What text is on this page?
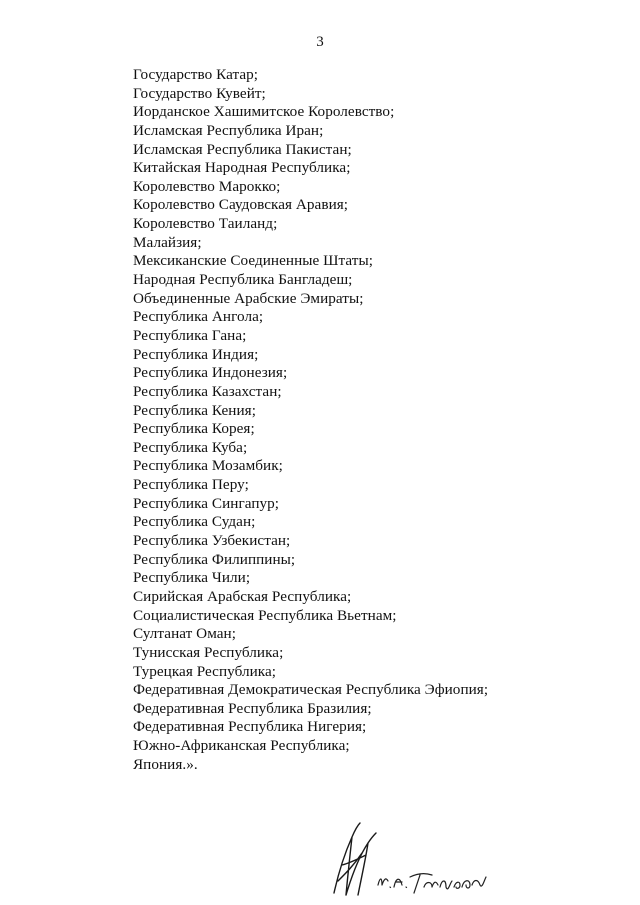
3
Государство Катар;
Государство Кувейт;
Иорданское Хашимитское Королевство;
Исламская Республика Иран;
Исламская Республика Пакистан;
Китайская Народная Республика;
Королевство Марокко;
Королевство Саудовская Аравия;
Королевство Таиланд;
Малайзия;
Мексиканские Соединенные Штаты;
Народная Республика Бангладеш;
Объединенные Арабские Эмираты;
Республика Ангола;
Республика Гана;
Республика Индия;
Республика Индонезия;
Республика Казахстан;
Республика Кения;
Республика Корея;
Республика Куба;
Республика Мозамбик;
Республика Перу;
Республика Сингапур;
Республика Судан;
Республика Узбекистан;
Республика Филиппины;
Республика Чили;
Сирийская Арабская Республика;
Социалистическая Республика Вьетнам;
Султанат Оман;
Тунисская Республика;
Турецкая Республика;
Федеративная Демократическая Республика Эфиопия;
Федеративная Республика Бразилия;
Федеративная Республика Нигерия;
Южно-Африканская Республика;
Япония.».
